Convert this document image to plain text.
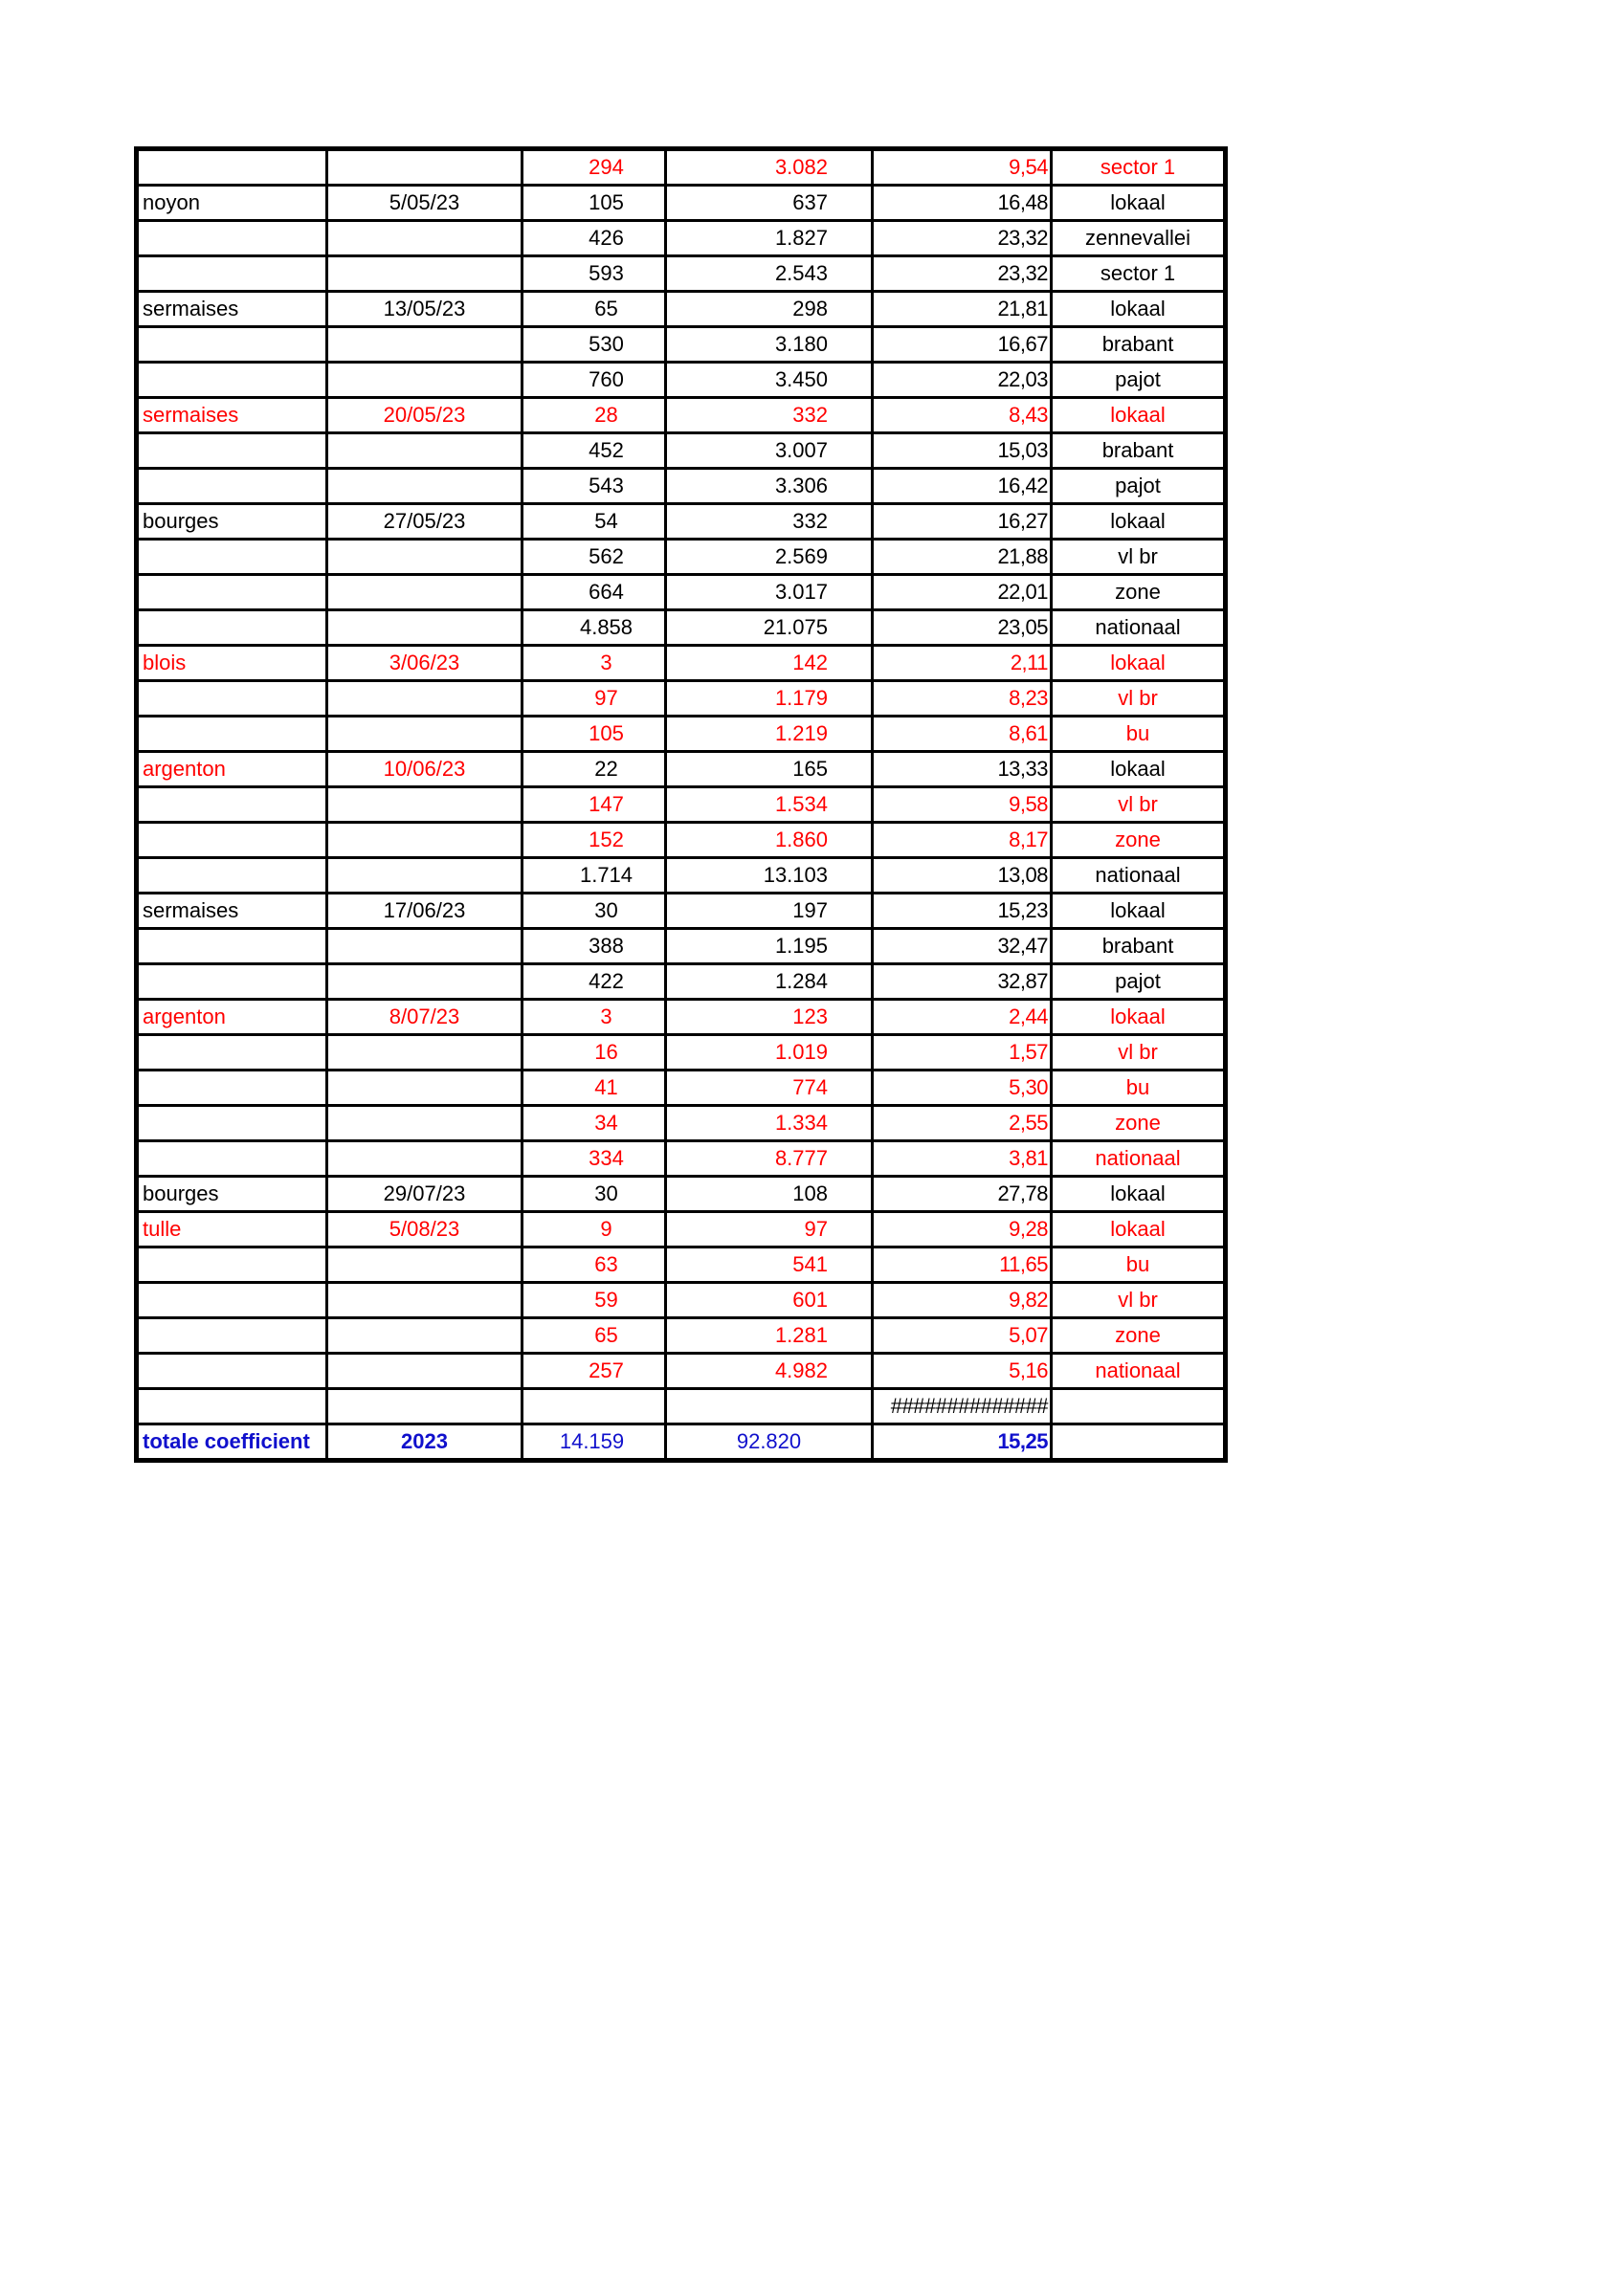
		294	3.082	9,54	sector 1
noyon	5/05/23	105	637	16,48	lokaal
		426	1.827	23,32	zennevallei
		593	2.543	23,32	sector 1
sermaises	13/05/23	65	298	21,81	lokaal
		530	3.180	16,67	brabant
		760	3.450	22,03	pajot
sermaises	20/05/23	28	332	8,43	lokaal
		452	3.007	15,03	brabant
		543	3.306	16,42	pajot
bourges	27/05/23	54	332	16,27	lokaal
		562	2.569	21,88	vl br
		664	3.017	22,01	zone
		4.858	21.075	23,05	nationaal
blois	3/06/23	3	142	2,11	lokaal
		97	1.179	8,23	vl br
		105	1.219	8,61	bu
argenton	10/06/23	22	165	13,33	lokaal
		147	1.534	9,58	vl br
		152	1.860	8,17	zone
		1.714	13.103	13,08	nationaal
sermaises	17/06/23	30	197	15,23	lokaal
		388	1.195	32,47	brabant
		422	1.284	32,87	pajot
argenton	8/07/23	3	123	2,44	lokaal
		16	1.019	1,57	vl br
		41	774	5,30	bu
		34	1.334	2,55	zone
		334	8.777	3,81	nationaal
bourges	29/07/23	30	108	27,78	lokaal
tulle	5/08/23	9	97	9,28	lokaal
		63	541	11,65	bu
		59	601	9,82	vl br
		65	1.281	5,07	zone
		257	4.982	5,16	nationaal
				##############	
totale coefficient	2023	14.159	92.820	15,25	
